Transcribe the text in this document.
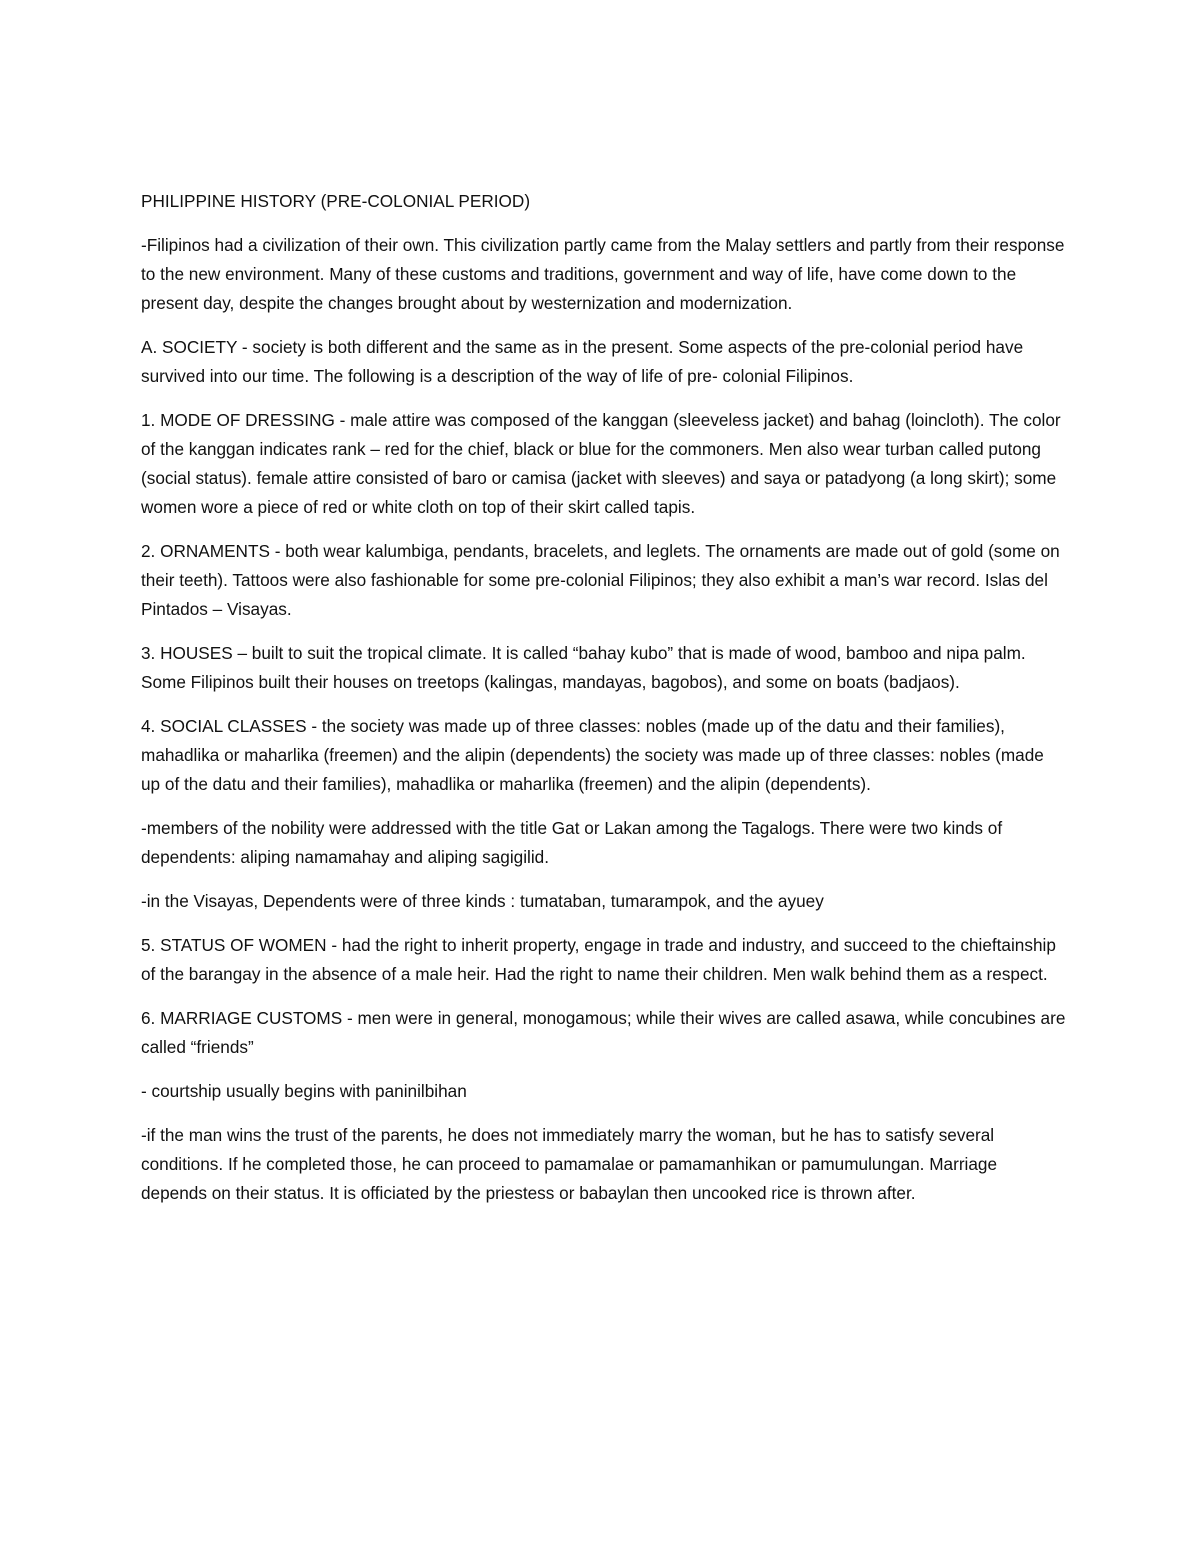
PHILIPPINE HISTORY (PRE-COLONIAL PERIOD)

-Filipinos had a civilization of their own. This civilization partly came from the Malay settlers and partly from their response to the new environment. Many of these customs and traditions, government and way of life, have come down to the present day, despite the changes brought about by westernization and modernization.

A. SOCIETY - society is both different and the same as in the present. Some aspects of the pre-colonial period have survived into our time. The following is a description of the way of life of pre- colonial Filipinos.

1. MODE OF DRESSING - male attire was composed of the kanggan (sleeveless jacket) and bahag (loincloth). The color of the kanggan indicates rank – red for the chief, black or blue for the commoners. Men also wear turban called putong (social status). female attire consisted of baro or camisa (jacket with sleeves) and saya or patadyong (a long skirt); some women wore a piece of red or white cloth on top of their skirt called tapis.

2. ORNAMENTS - both wear kalumbiga, pendants, bracelets, and leglets. The ornaments are made out of gold (some on their teeth). Tattoos were also fashionable for some pre-colonial Filipinos; they also exhibit a man’s war record. Islas del Pintados – Visayas.

3. HOUSES – built to suit the tropical climate. It is called “bahay kubo” that is made of wood, bamboo and nipa palm. Some Filipinos built their houses on treetops (kalingas, mandayas, bagobos), and some on boats (badjaos).

4. SOCIAL CLASSES - the society was made up of three classes: nobles (made up of the datu and their families), mahadlika or maharlika (freemen) and the alipin (dependents) the society was made up of three classes: nobles (made up of the datu and their families), mahadlika or maharlika (freemen) and the alipin (dependents).

-members of the nobility were addressed with the title Gat or Lakan among the Tagalogs. There were two kinds of dependents: aliping namamahay and aliping sagigilid.

-in the Visayas, Dependents were of three kinds : tumataban, tumarampok, and the ayuey

5. STATUS OF WOMEN - had the right to inherit property, engage in trade and industry, and succeed to the chieftainship of the barangay in the absence of a male heir. Had the right to name their children. Men walk behind them as a respect.

6. MARRIAGE CUSTOMS - men were in general, monogamous; while their wives are called asawa, while concubines are called “friends”

- courtship usually begins with paninilbihan

-if the man wins the trust of the parents, he does not immediately marry the woman, but he has to satisfy several conditions. If he completed those, he can proceed to pamamalae or pamamanhikan or pamumulungan. Marriage depends on their status. It is officiated by the priestess or babaylan then uncooked rice is thrown after.
